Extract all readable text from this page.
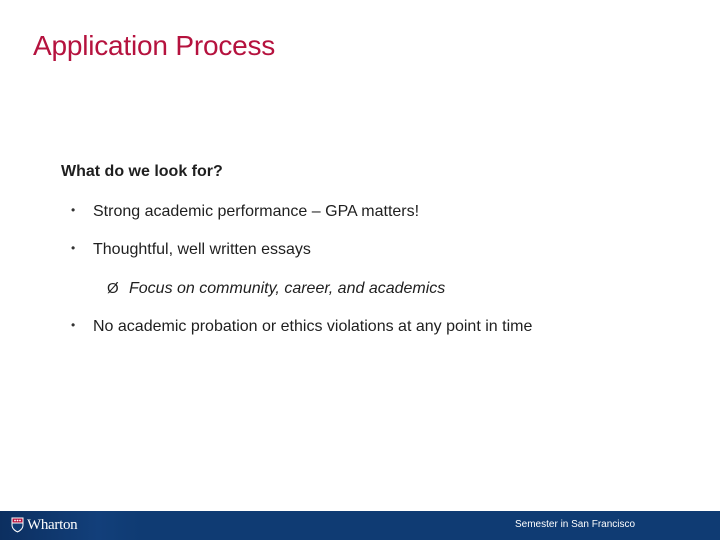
Application Process
What do we look for?
• Strong academic performance – GPA matters!
• Thoughtful, well written essays
Ø Focus on community, career, and academics
• No academic probation or ethics violations at any point in time
Wharton	Semester in San Francisco
